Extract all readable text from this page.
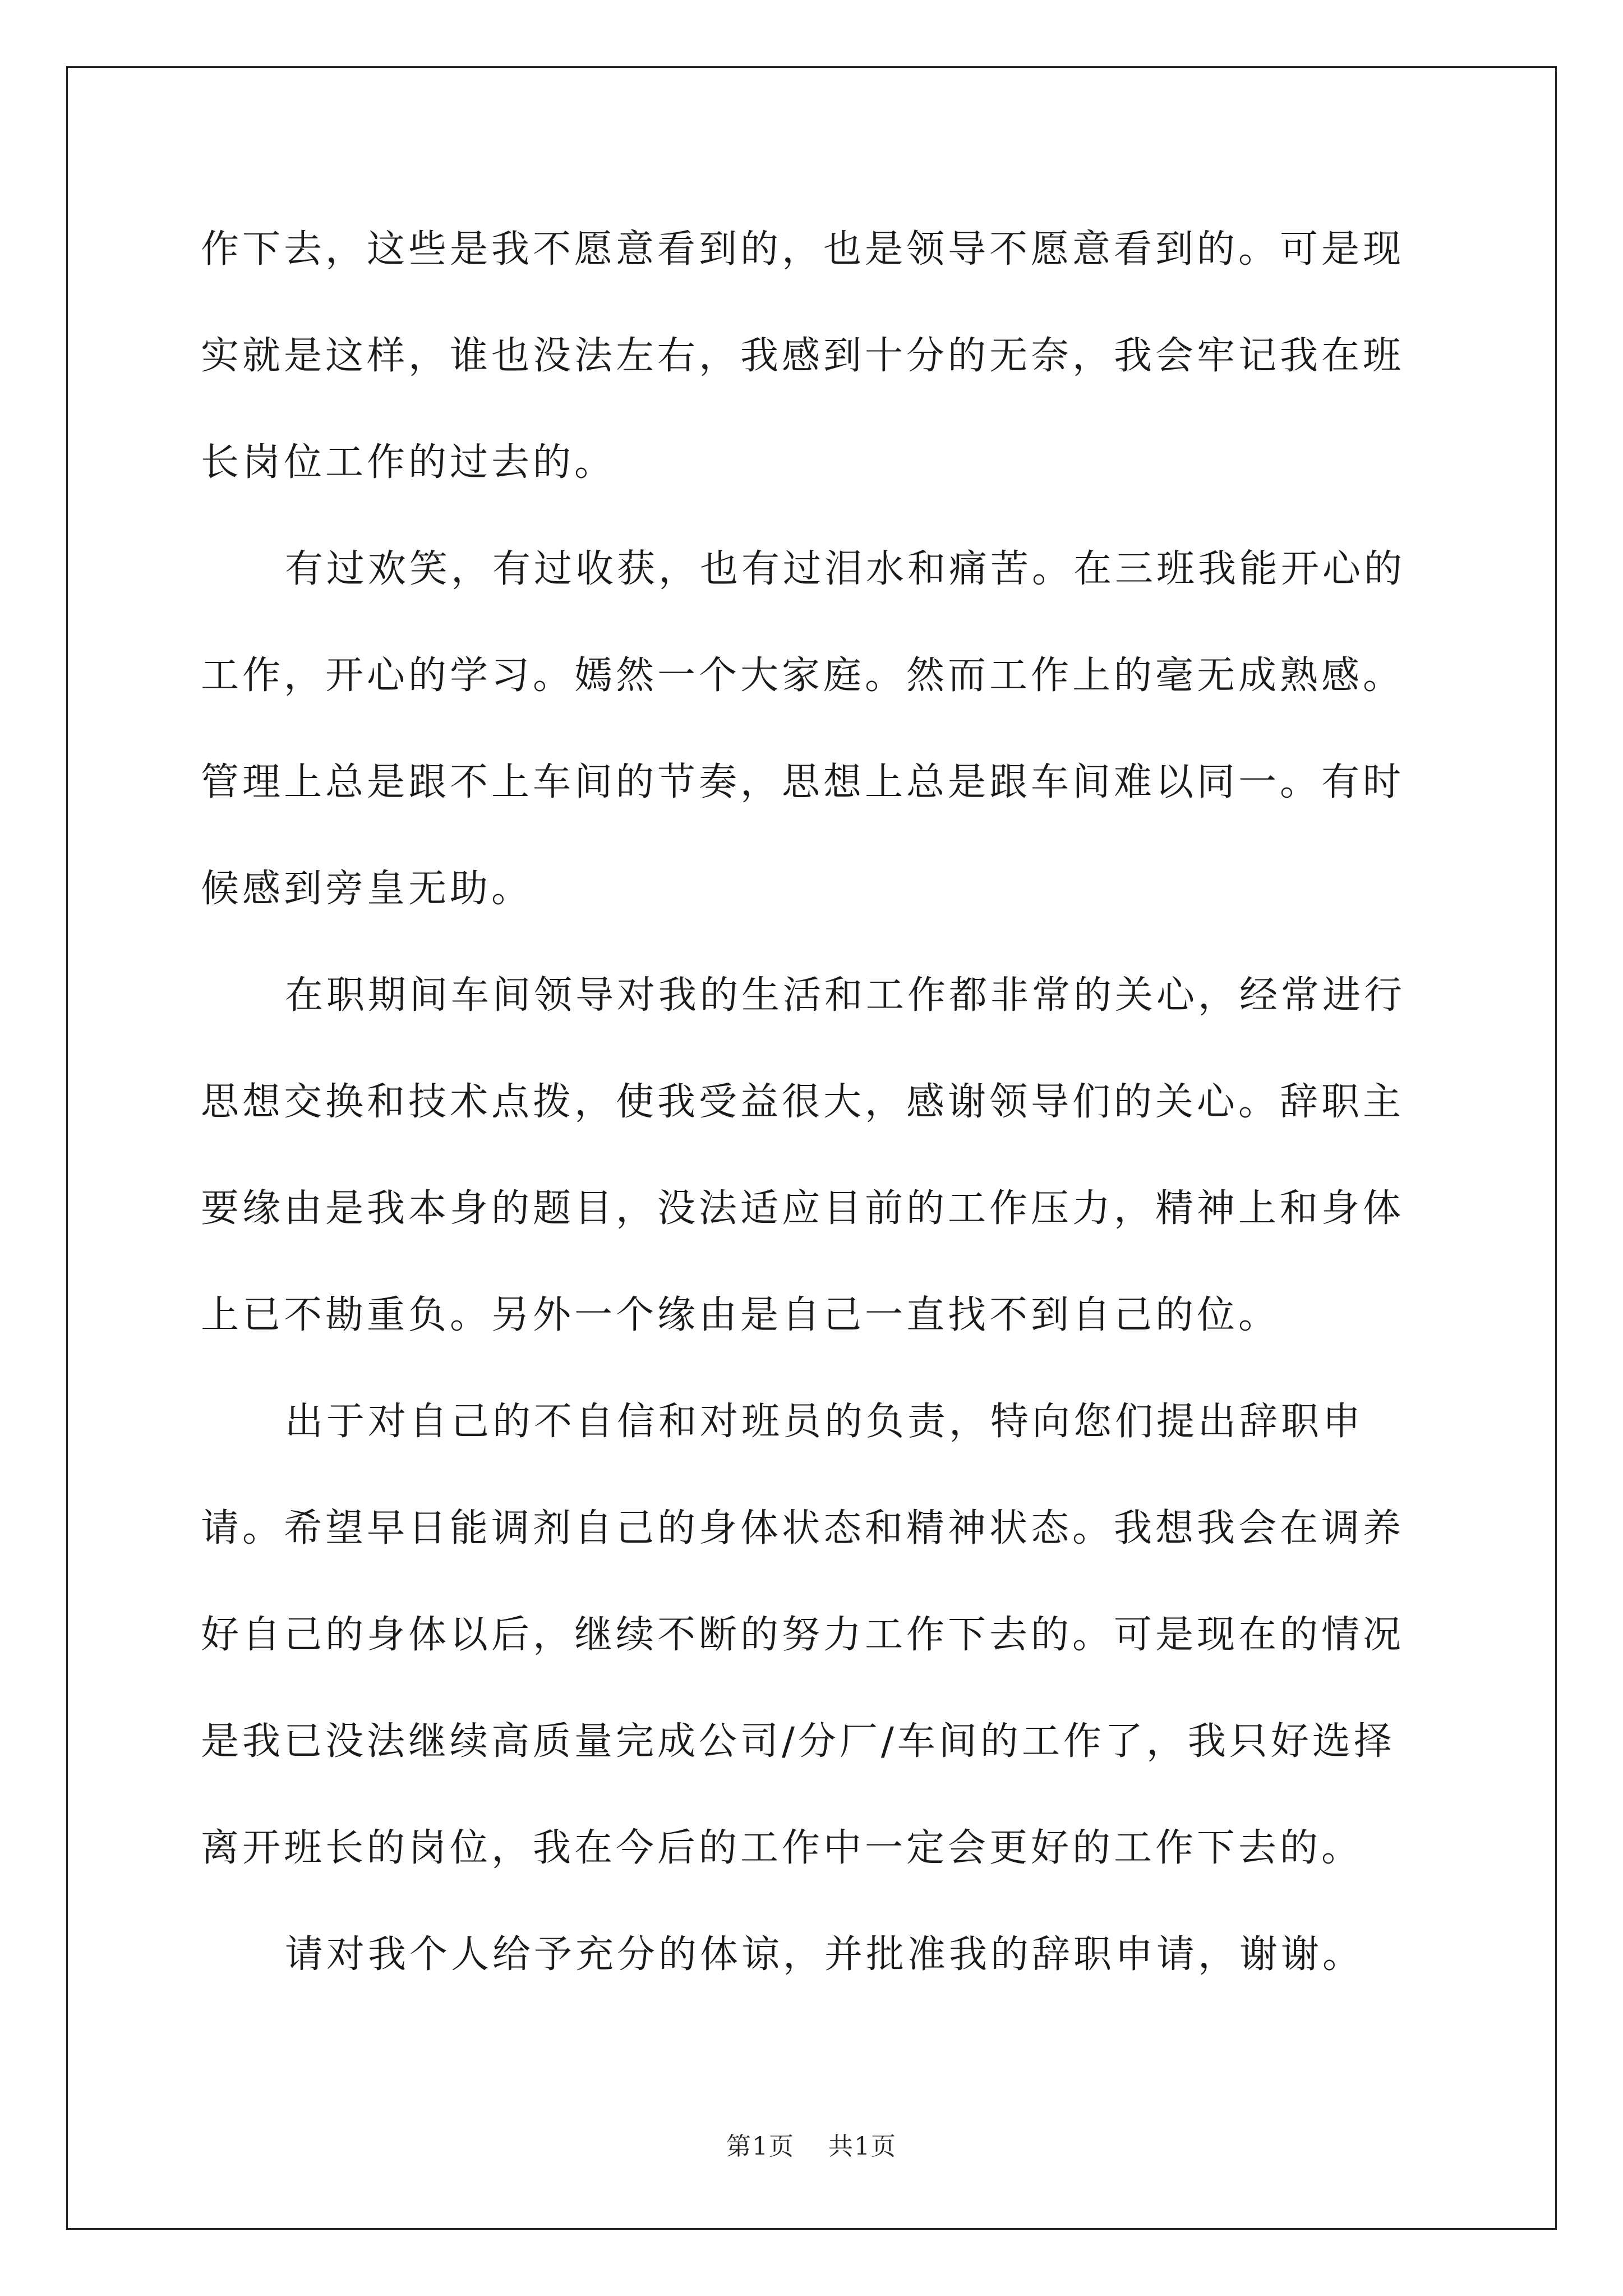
作下去，这些是我不愿意看到的，也是领导不愿意看到的。可是现实就是这样，谁也没法左右，我感到十分的无奈，我会牢记我在班长岗位工作的过去的。

有过欢笑，有过收获，也有过泪水和痛苦。在三班我能开心的工作，开心的学习。嫣然一个大家庭。然而工作上的毫无成熟感。管理上总是跟不上车间的节奏，思想上总是跟车间难以同一。有时候感到旁皇无助。

在职期间车间领导对我的生活和工作都非常的关心，经常进行思想交换和技术点拨，使我受益很大，感谢领导们的关心。辞职主要缘由是我本身的题目，没法适应目前的工作压力，精神上和身体上已不勘重负。另外一个缘由是自己一直找不到自己的位。

出于对自己的不自信和对班员的负责，特向您们提出辞职申请。希望早日能调剂自己的身体状态和精神状态。我想我会在调养好自己的身体以后，继续不断的努力工作下去的。可是现在的情况是我已没法继续高质量完成公司/分厂/车间的工作了，我只好选择离开班长的岗位，我在今后的工作中一定会更好的工作下去的。

请对我个人给予充分的体谅，并批准我的辞职申请，谢谢。

第1页 共1页
